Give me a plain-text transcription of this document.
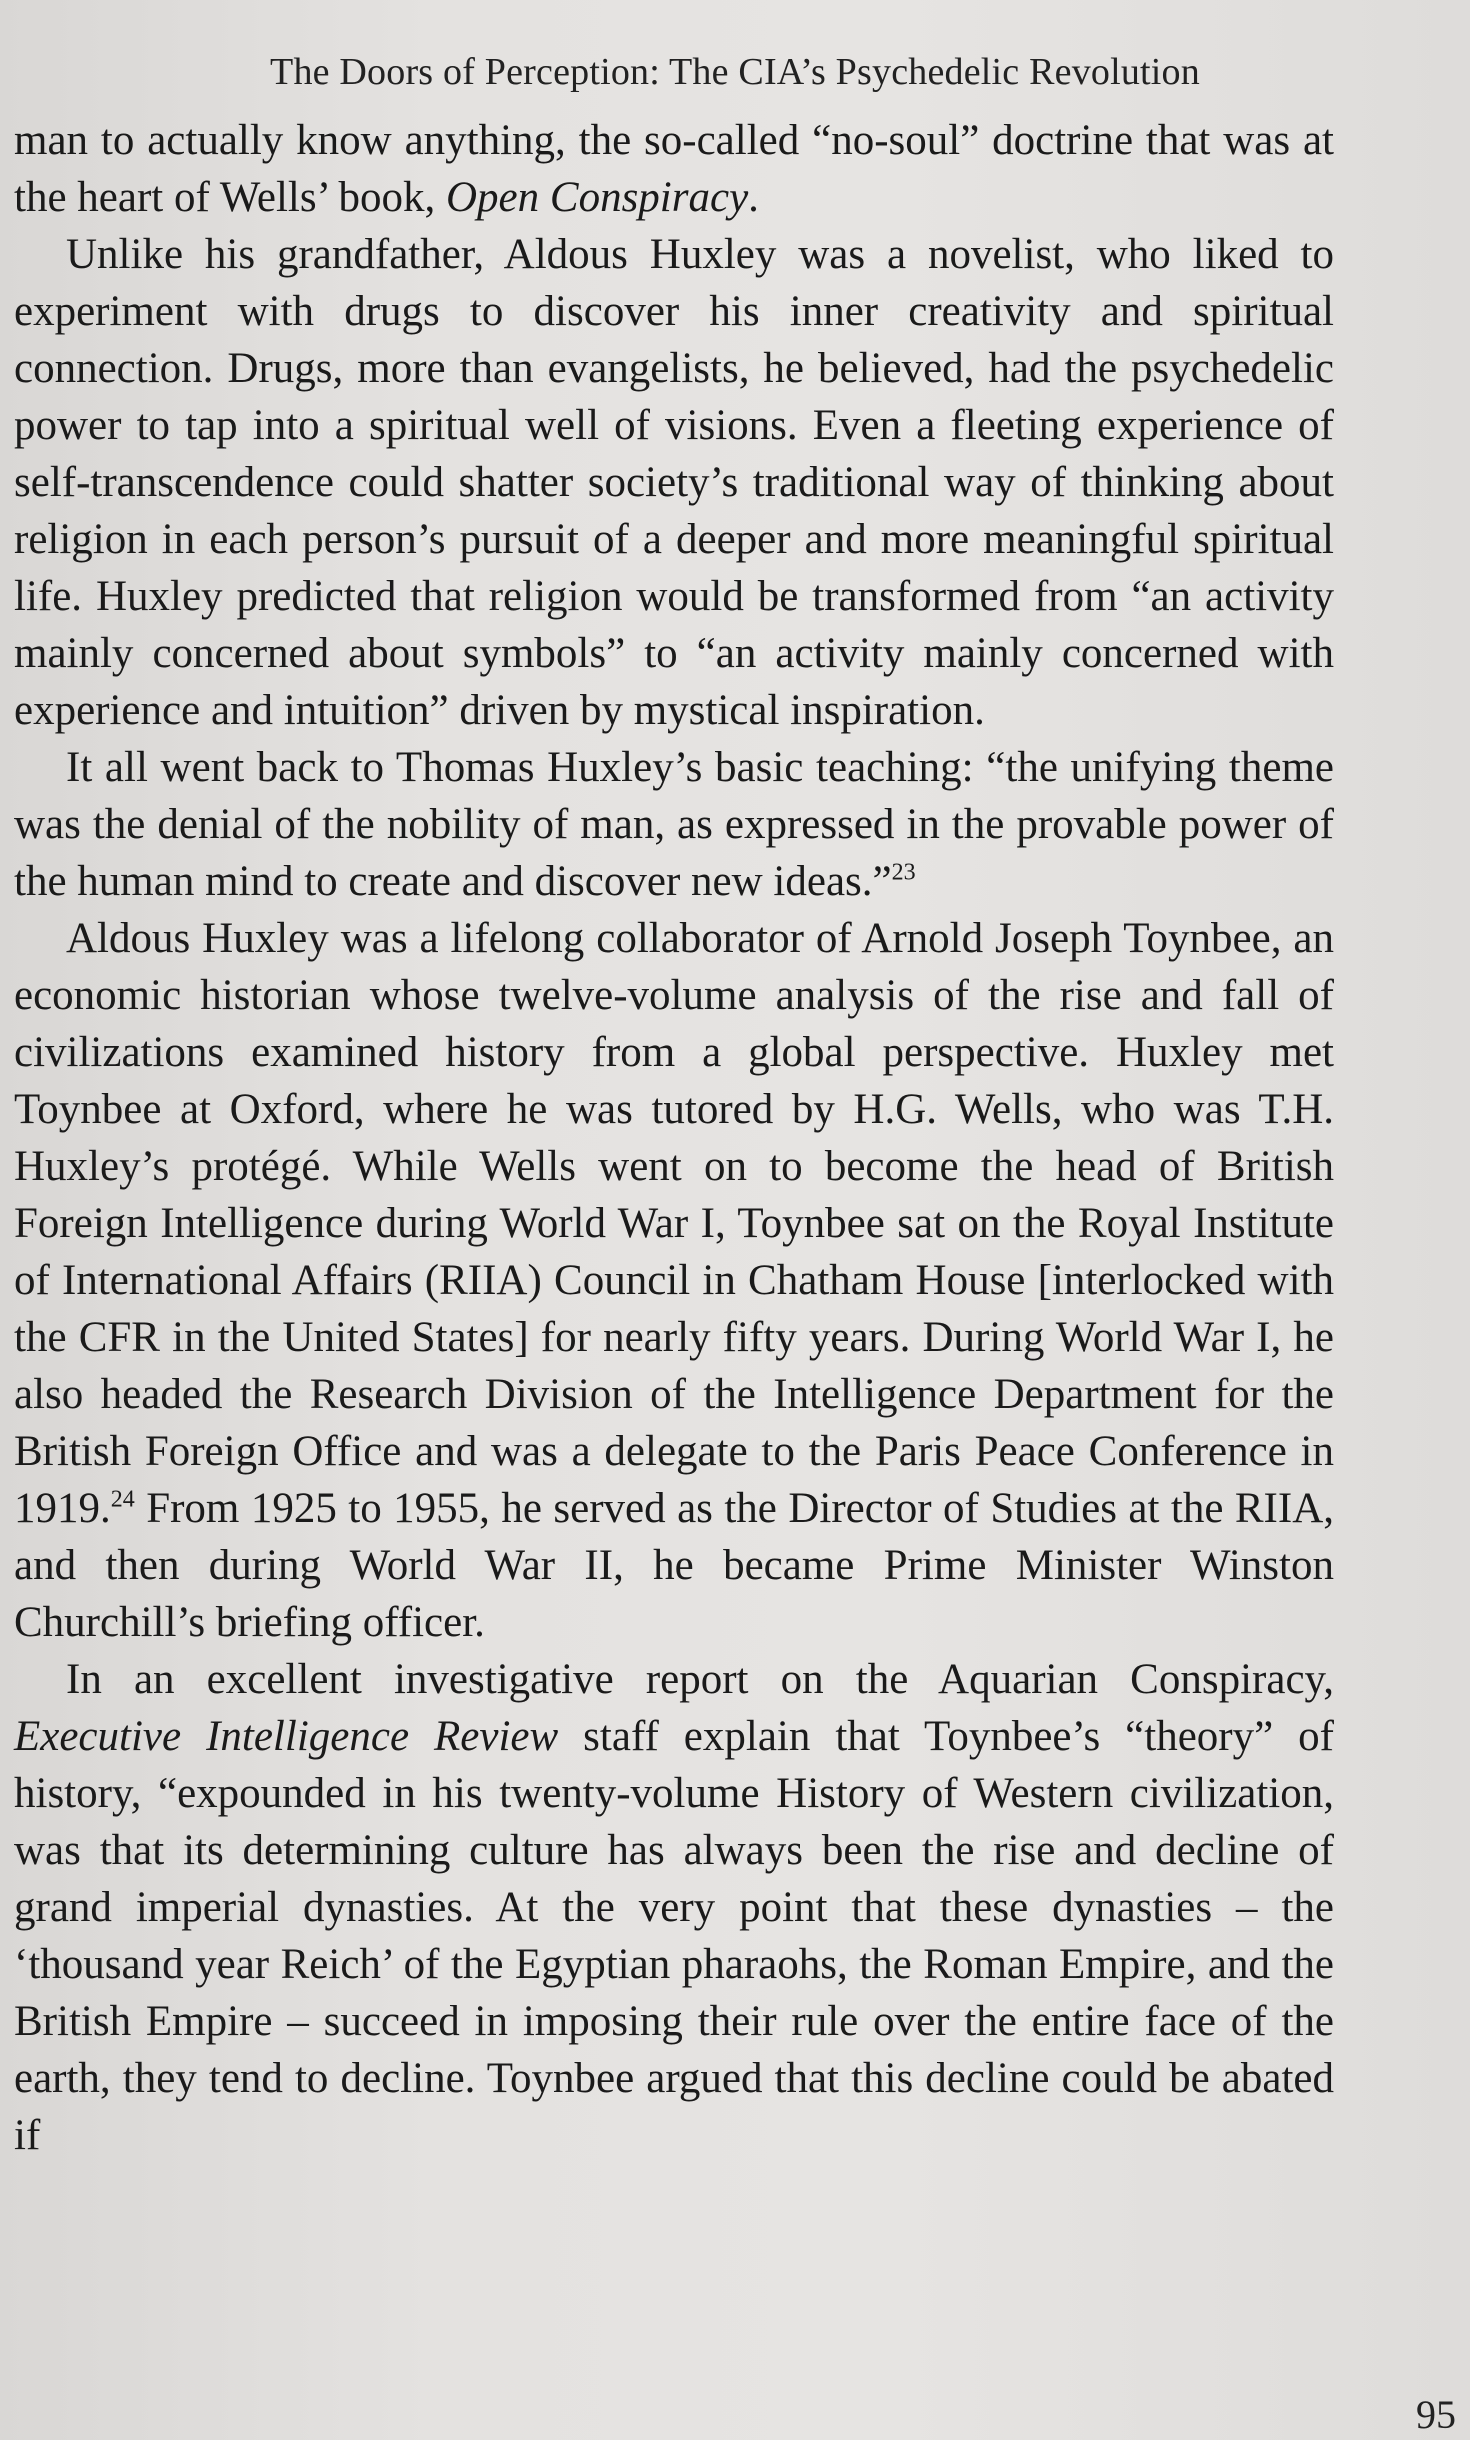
The Doors of Perception: The CIA’s Psychedelic Revolution

man to actually know anything, the so-called “no-soul” doctrine that was at the heart of Wells’ book, Open Conspiracy.

Unlike his grandfather, Aldous Huxley was a novelist, who liked to experiment with drugs to discover his inner creativity and spiritual connection. Drugs, more than evangelists, he believed, had the psychedelic power to tap into a spiritual well of visions. Even a fleeting experience of self-transcendence could shatter society’s traditional way of thinking about religion in each person’s pursuit of a deeper and more meaningful spiritual life. Huxley predicted that religion would be transformed from “an activity mainly concerned about symbols” to “an activity mainly concerned with experience and intuition” driven by mystical inspiration.

It all went back to Thomas Huxley’s basic teaching: “the unifying theme was the denial of the nobility of man, as expressed in the provable power of the human mind to create and discover new ideas.”$^{23}$

Aldous Huxley was a lifelong collaborator of Arnold Joseph Toynbee, an economic historian whose twelve-volume analysis of the rise and fall of civilizations examined history from a global perspective. Huxley met Toynbee at Oxford, where he was tutored by H.G. Wells, who was T.H. Huxley’s protégé. While Wells went on to become the head of British Foreign Intelligence during World War I, Toynbee sat on the Royal Institute of International Affairs (RIIA) Council in Chatham House [interlocked with the CFR in the United States] for nearly fifty years. During World War I, he also headed the Research Division of the Intelligence Department for the British Foreign Office and was a delegate to the Paris Peace Conference in 1919.24 From 1925 to 1955, he served as the Director of Studies at the RIIA, and then during World War II, he became Prime Minister Winston Churchill’s briefing officer.

In an excellent investigative report on the Aquarian Conspiracy, Executive Intelligence Review staff explain that Toynbee’s “theory” of history, “expounded in his twenty-volume History of Western civilization, was that its determining culture has always been the rise and decline of grand imperial dynasties. At the very point that these dynasties – the ‘thousand year Reich’ of the Egyptian pharaohs, the Roman Empire, and the British Empire – succeed in imposing their rule over the entire face of the earth, they tend to decline. Toynbee argued that this decline could be abated if

95
